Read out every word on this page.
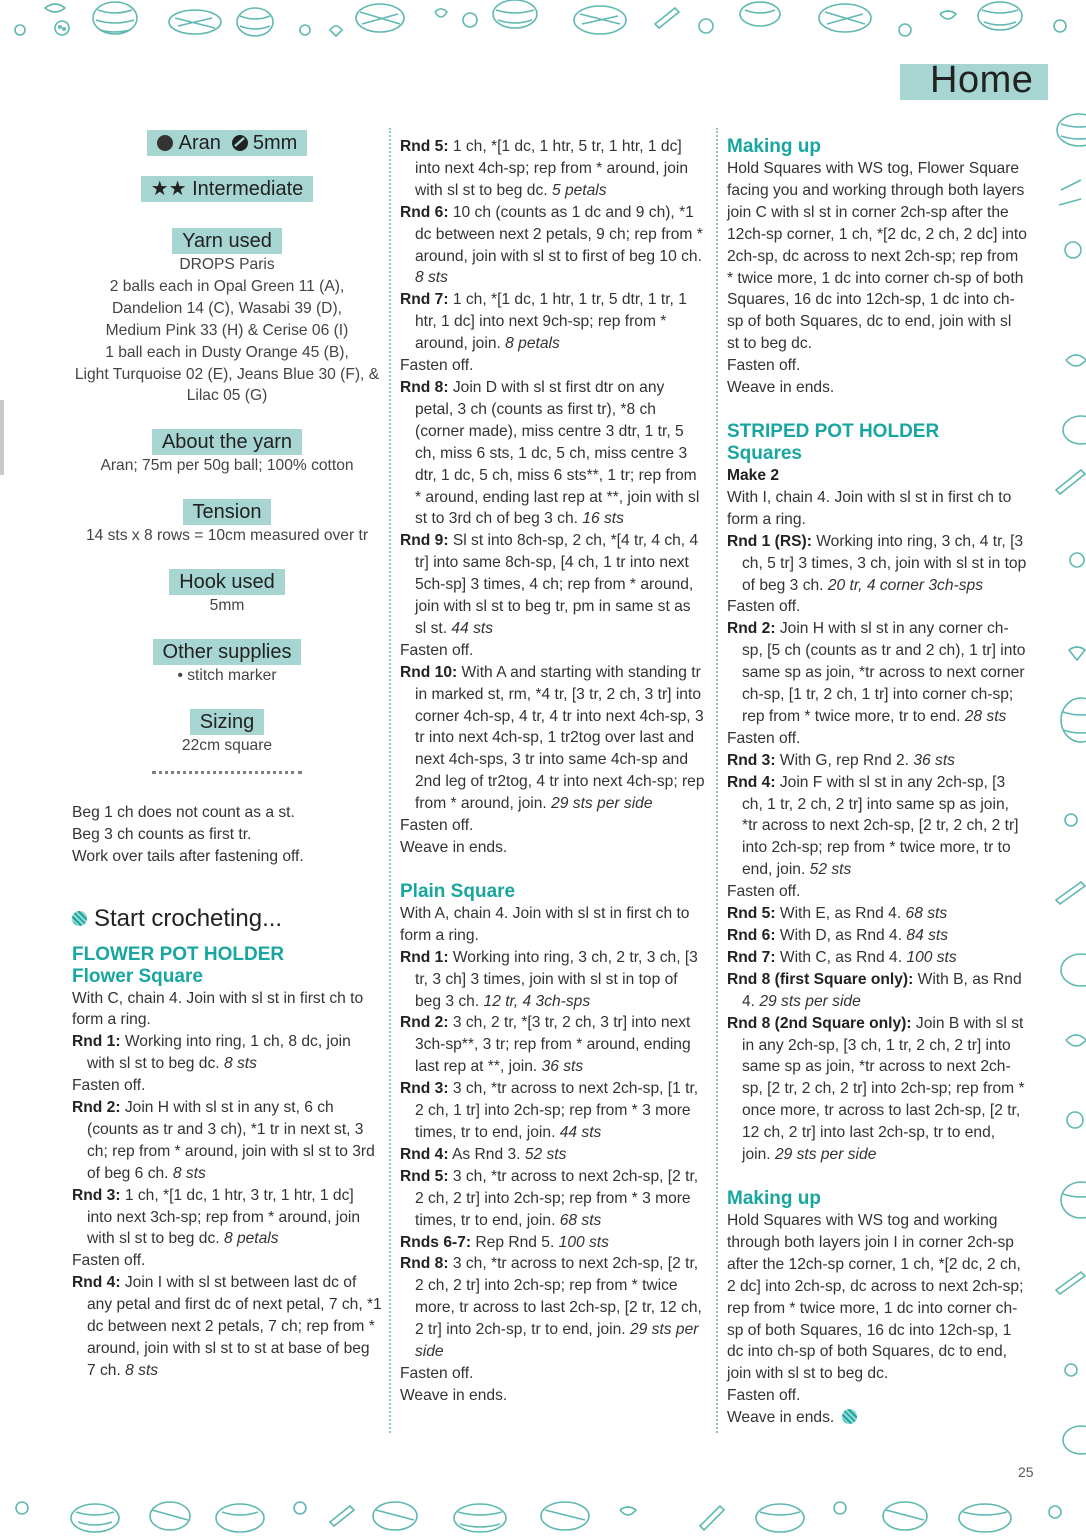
Home
Aran 5mm
★★ Intermediate
Yarn used
DROPS Paris
2 balls each in Opal Green 11 (A),
Dandelion 14 (C), Wasabi 39 (D),
Medium Pink 33 (H) & Cerise 06 (I)
1 ball each in Dusty Orange 45 (B),
Light Turquoise 02 (E), Jeans Blue 30 (F), &
Lilac 05 (G)
About the yarn
Aran; 75m per 50g ball; 100% cotton
Tension
14 sts x 8 rows = 10cm measured over tr
Hook used
5mm
Other supplies
• stitch marker
Sizing
22cm square
Beg 1 ch does not count as a st.
Beg 3 ch counts as first tr.
Work over tails after fastening off.
Start crocheting...
FLOWER POT HOLDER
Flower Square

With C, chain 4. Join with sl st in first ch to form a ring.

Rnd 1: Working into ring, 1 ch, 8 dc, join with sl st to beg dc. 8 sts

Fasten off.

Rnd 2: Join H with sl st in any st, 6 ch (counts as tr and 3 ch), *1 tr in next st, 3 ch; rep from * around, join with sl st to 3rd of beg 6 ch. 8 sts

Rnd 3: 1 ch, *[1 dc, 1 htr, 3 tr, 1 htr, 1 dc] into next 3ch-sp; rep from * around, join with sl st to beg dc. 8 petals

Fasten off.

Rnd 4: Join I with sl st between last dc of any petal and first dc of next petal, 7 ch, *1 dc between next 2 petals, 7 ch; rep from * around, join with sl st to st at base of beg 7 ch. 8 sts

Rnd 5: 1 ch, *[1 dc, 1 htr, 5 tr, 1 htr, 1 dc] into next 4ch-sp; rep from * around, join with sl st to beg dc. 5 petals

Rnd 6: 10 ch (counts as 1 dc and 9 ch), *1 dc between next 2 petals, 9 ch; rep from * around, join with sl st to first of beg 10 ch. 8 sts

Rnd 7: 1 ch, *[1 dc, 1 htr, 1 tr, 5 dtr, 1 tr, 1 htr, 1 dc] into next 9ch-sp; rep from * around, join. 8 petals

Fasten off.

Rnd 8: Join D with sl st first dtr on any petal, 3 ch (counts as first tr), *8 ch (corner made), miss centre 3 dtr, 1 tr, 5 ch, miss 6 sts, 1 dc, 5 ch, miss centre 3 dtr, 1 dc, 5 ch, miss 6 sts**, 1 tr; rep from * around, ending last rep at **, join with sl st to 3rd ch of beg 3 ch. 16 sts

Rnd 9: Sl st into 8ch-sp, 2 ch, *[4 tr, 4 ch, 4 tr] into same 8ch-sp, [4 ch, 1 tr into next 5ch-sp] 3 times, 4 ch; rep from * around, join with sl st to beg tr, pm in same st as sl st. 44 sts

Fasten off.

Rnd 10: With A and starting with standing tr in marked st, rm, *4 tr, [3 tr, 2 ch, 3 tr] into corner 4ch-sp, 4 tr, 4 tr into next 4ch-sp, 3 tr into next 4ch-sp, 1 tr2tog over last and next 4ch-sps, 3 tr into same 4ch-sp and 2nd leg of tr2tog, 4 tr into next 4ch-sp; rep from * around, join. 29 sts per side

Fasten off.

Weave in ends.

Plain Square

With A, chain 4. Join with sl st in first ch to form a ring.

Rnd 1: Working into ring, 3 ch, 2 tr, 3 ch, [3 tr, 3 ch] 3 times, join with sl st in top of beg 3 ch. 12 tr, 4 3ch-sps

Rnd 2: 3 ch, 2 tr, *[3 tr, 2 ch, 3 tr] into next 3ch-sp**, 3 tr; rep from * around, ending last rep at **, join. 36 sts

Rnd 3: 3 ch, *tr across to next 2ch-sp, [1 tr, 2 ch, 1 tr] into 2ch-sp; rep from * 3 more times, tr to end, join. 44 sts

Rnd 4: As Rnd 3. 52 sts

Rnd 5: 3 ch, *tr across to next 2ch-sp, [2 tr, 2 ch, 2 tr] into 2ch-sp; rep from * 3 more times, tr to end, join. 68 sts

Rnds 6-7: Rep Rnd 5. 100 sts

Rnd 8: 3 ch, *tr across to next 2ch-sp, [2 tr, 2 ch, 2 tr] into 2ch-sp; rep from * twice more, tr across to last 2ch-sp, [2 tr, 12 ch, 2 tr] into 2ch-sp, tr to end, join. 29 sts per side

Fasten off.

Weave in ends.

Making up

Hold Squares with WS tog, Flower Square facing you and working through both layers join C with sl st in corner 2ch-sp after the 12ch-sp corner, 1 ch, *[2 dc, 2 ch, 2 dc] into 2ch-sp, dc across to next 2ch-sp; rep from * twice more, 1 dc into corner ch-sp of both Squares, 16 dc into 12ch-sp, 1 dc into ch-sp of both Squares, dc to end, join with sl st to beg dc.

Fasten off.

Weave in ends.

STRIPED POT HOLDER
Squares

Make 2

With I, chain 4. Join with sl st in first ch to form a ring.

Rnd 1 (RS): Working into ring, 3 ch, 4 tr, [3 ch, 5 tr] 3 times, 3 ch, join with sl st in top of beg 3 ch. 20 tr, 4 corner 3ch-sps

Fasten off.

Rnd 2: Join H with sl st in any corner ch-sp, [5 ch (counts as tr and 2 ch), 1 tr] into same sp as join, *tr across to next corner ch-sp, [1 tr, 2 ch, 1 tr] into corner ch-sp; rep from * twice more, tr to end. 28 sts

Fasten off.

Rnd 3: With G, rep Rnd 2. 36 sts

Rnd 4: Join F with sl st in any 2ch-sp, [3 ch, 1 tr, 2 ch, 2 tr] into same sp as join, *tr across to next 2ch-sp, [2 tr, 2 ch, 2 tr] into 2ch-sp; rep from * twice more, tr to end, join. 52 sts

Fasten off.

Rnd 5: With E, as Rnd 4. 68 sts

Rnd 6: With D, as Rnd 4. 84 sts

Rnd 7: With C, as Rnd 4. 100 sts

Rnd 8 (first Square only): With B, as Rnd 4. 29 sts per side

Rnd 8 (2nd Square only): Join B with sl st in any 2ch-sp, [3 ch, 1 tr, 2 ch, 2 tr] into same sp as join, *tr across to next 2ch-sp, [2 tr, 2 ch, 2 tr] into 2ch-sp; rep from * once more, tr across to last 2ch-sp, [2 tr, 12 ch, 2 tr] into last 2ch-sp, tr to end, join. 29 sts per side

Making up

Hold Squares with WS tog and working through both layers join I in corner 2ch-sp after the 12ch-sp corner, 1 ch, *[2 dc, 2 ch, 2 dc] into 2ch-sp, dc across to next 2ch-sp; rep from * twice more, 1 dc into corner ch-sp of both Squares, 16 dc into 12ch-sp, 1 dc into ch-sp of both Squares, dc to end, join with sl st to beg dc.

Fasten off.

Weave in ends.

25
